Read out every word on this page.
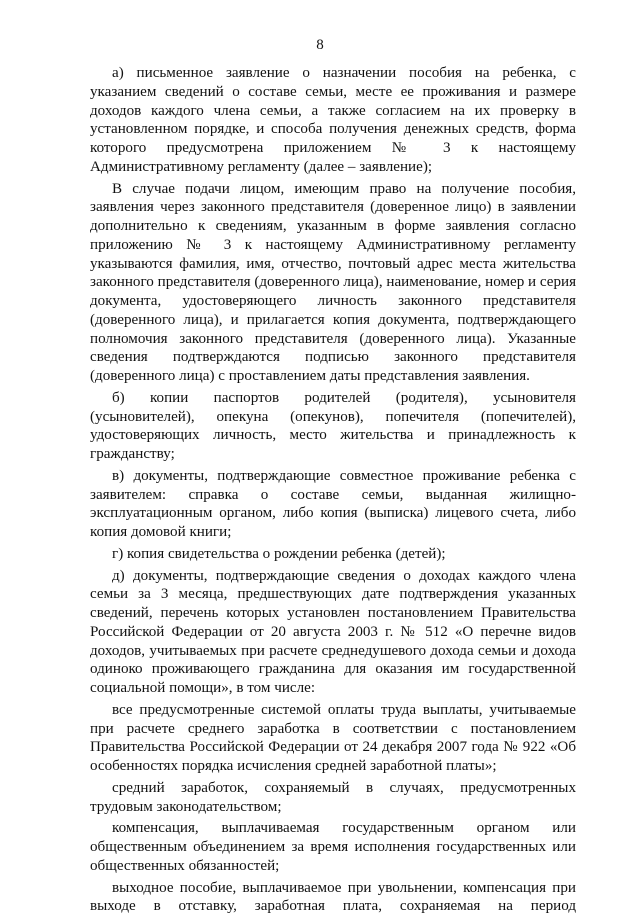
8
а) письменное заявление о назначении пособия на ребенка, с
указанием сведений о составе семьи, месте ее проживания и размере
доходов каждого члена семьи, а также согласием на их проверку в
установленном порядке, и способа получения денежных средств, форма
которого предусмотрена приложением № 3 к настоящему
Административному регламенту (далее – заявление);
В случае подачи лицом, имеющим право на получение пособия,
заявления через законного представителя (доверенное лицо) в заявлении
дополнительно к сведениям, указанным в форме заявления согласно
приложению № 3 к настоящему Административному регламенту
указываются фамилия, имя, отчество, почтовый адрес места жительства
законного представителя (доверенного лица), наименование, номер и серия
документа, удостоверяющего личность законного представителя
(доверенного лица), и прилагается копия документа, подтверждающего
полномочия законного представителя (доверенного лица). Указанные
сведения подтверждаются подписью законного представителя
(доверенного лица) с проставлением даты представления заявления.
б) копии паспортов родителей (родителя), усыновителя
(усыновителей), опекуна (опекунов), попечителя (попечителей),
удостоверяющих личность, место жительства и принадлежность к
гражданству;
в) документы, подтверждающие совместное проживание ребенка с
заявителем: справка о составе семьи, выданная жилищно-
эксплуатационным органом, либо копия (выписка) лицевого счета, либо
копия домовой книги;
г) копия свидетельства о рождении ребенка (детей);
д) документы, подтверждающие сведения о доходах каждого члена
семьи за 3 месяца, предшествующих дате подтверждения указанных
сведений, перечень которых установлен постановлением Правительства
Российской Федерации от 20 августа 2003 г. № 512 «О перечне видов
доходов, учитываемых при расчете среднедушевого дохода семьи и дохода
одиноко проживающего гражданина для оказания им государственной
социальной помощи», в том числе:
все предусмотренные системой оплаты труда выплаты, учитываемые
при расчете среднего заработка в соответствии с постановлением
Правительства Российской Федерации от 24 декабря 2007 года № 922 «Об
особенностях порядка исчисления средней заработной платы»;
средний заработок, сохраняемый в случаях, предусмотренных
трудовым законодательством;
компенсация, выплачиваемая государственным органом или
общественным объединением за время исполнения государственных или
общественных обязанностей;
выходное пособие, выплачиваемое при увольнении, компенсация при
выходе в отставку, заработная плата, сохраняемая на период
